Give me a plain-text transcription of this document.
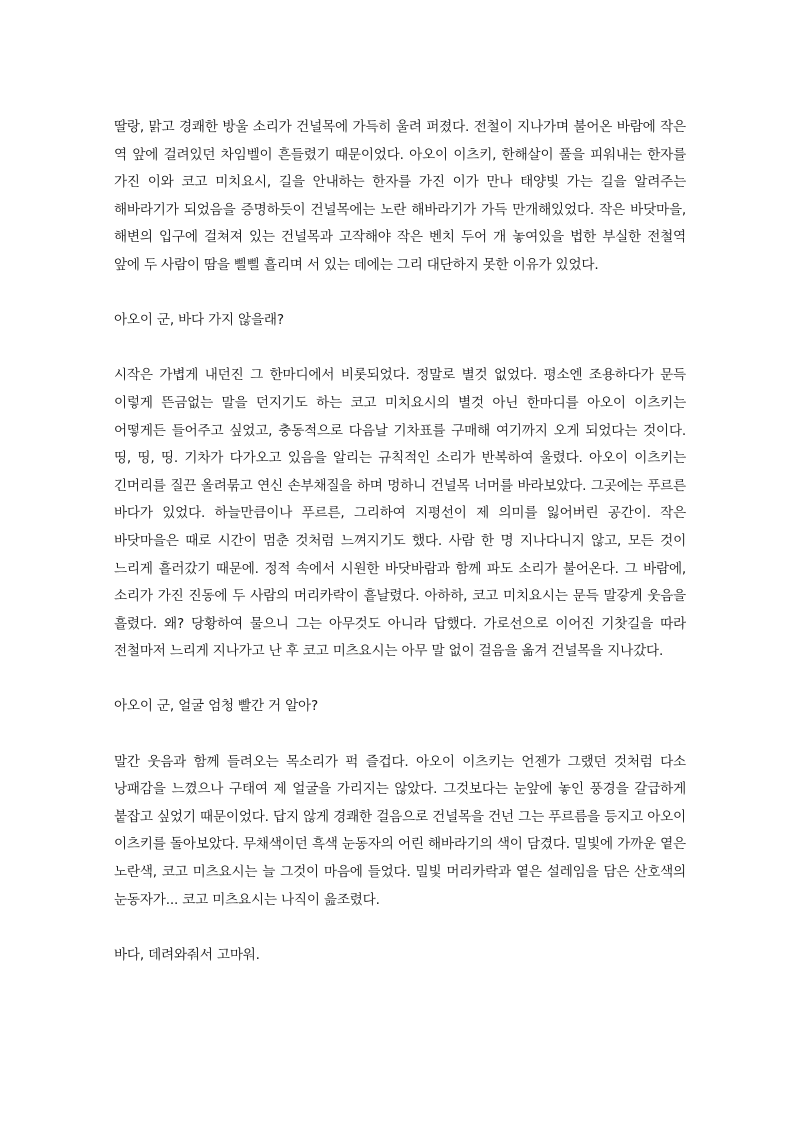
딸랑, 맑고 경쾌한 방울 소리가 건널목에 가득히 울려 퍼졌다. 전철이 지나가며 불어온 바람에 작은 역 앞에 걸려있던 차임벨이 흔들렸기 때문이었다. 아오이 이츠키, 한해살이 풀을 피워내는 한자를 가진 이와 코고 미치요시, 길을 안내하는 한자를 가진 이가 만나 태양빛 가는 길을 알려주는 해바라기가 되었음을 증명하듯이 건널목에는 노란 해바라기가 가득 만개해있었다. 작은 바닷마을, 해변의 입구에 걸쳐져 있는 건널목과 고작해야 작은 벤치 두어 개 놓여있을 법한 부실한 전철역 앞에 두 사람이 땀을 삘삘 흘리며 서 있는 데에는 그리 대단하지 못한 이유가 있었다.

아오이 군, 바다 가지 않을래?

시작은 가볍게 내던진 그 한마디에서 비롯되었다. 정말로 별것 없었다. 평소엔 조용하다가 문득 이렇게 뜬금없는 말을 던지기도 하는 코고 미치요시의 별것 아닌 한마디를 아오이 이츠키는 어떻게든 들어주고 싶었고, 충동적으로 다음날 기차표를 구매해 여기까지 오게 되었다는 것이다. 띵, 띵, 띵. 기차가 다가오고 있음을 알리는 규칙적인 소리가 반복하여 울렸다. 아오이 이츠키는 긴머리를 질끈 올려묶고 연신 손부채질을 하며 멍하니 건널목 너머를 바라보았다. 그곳에는 푸르른 바다가 있었다. 하늘만큼이나 푸르른, 그리하여 지평선이 제 의미를 잃어버린 공간이. 작은 바닷마을은 때로 시간이 멈춘 것처럼 느껴지기도 했다. 사람 한 명 지나다니지 않고, 모든 것이 느리게 흘러갔기 때문에. 정적 속에서 시원한 바닷바람과 함께 파도 소리가 불어온다. 그 바람에, 소리가 가진 진동에 두 사람의 머리카락이 흩날렸다. 아하하, 코고 미치요시는 문득 말갛게 웃음을 흘렸다. 왜? 당황하여 물으니 그는 아무것도 아니라 답했다. 가로선으로 이어진 기찻길을 따라 전철마저 느리게 지나가고 난 후 코고 미츠요시는 아무 말 없이 걸음을 옮겨 건널목을 지나갔다.

아오이 군, 얼굴 엄청 빨간 거 알아?

말간 웃음과 함께 들려오는 목소리가 퍽 즐겁다. 아오이 이츠키는 언젠가 그랬던 것처럼 다소 낭패감을 느꼈으나 구태여 제 얼굴을 가리지는 않았다. 그것보다는 눈앞에 놓인 풍경을 갈급하게 붙잡고 싶었기 때문이었다. 답지 않게 경쾌한 걸음으로 건널목을 건넌 그는 푸르름을 등지고 아오이 이츠키를 돌아보았다. 무채색이던 흑색 눈동자의 어린 해바라기의 색이 담겼다. 밀빛에 가까운 옅은 노란색, 코고 미츠요시는 늘 그것이 마음에 들었다. 밀빛 머리카락과 옅은 설레임을 담은 산호색의 눈동자가... 코고 미츠요시는 나직이 읊조렸다.

바다, 데려와줘서 고마워.
